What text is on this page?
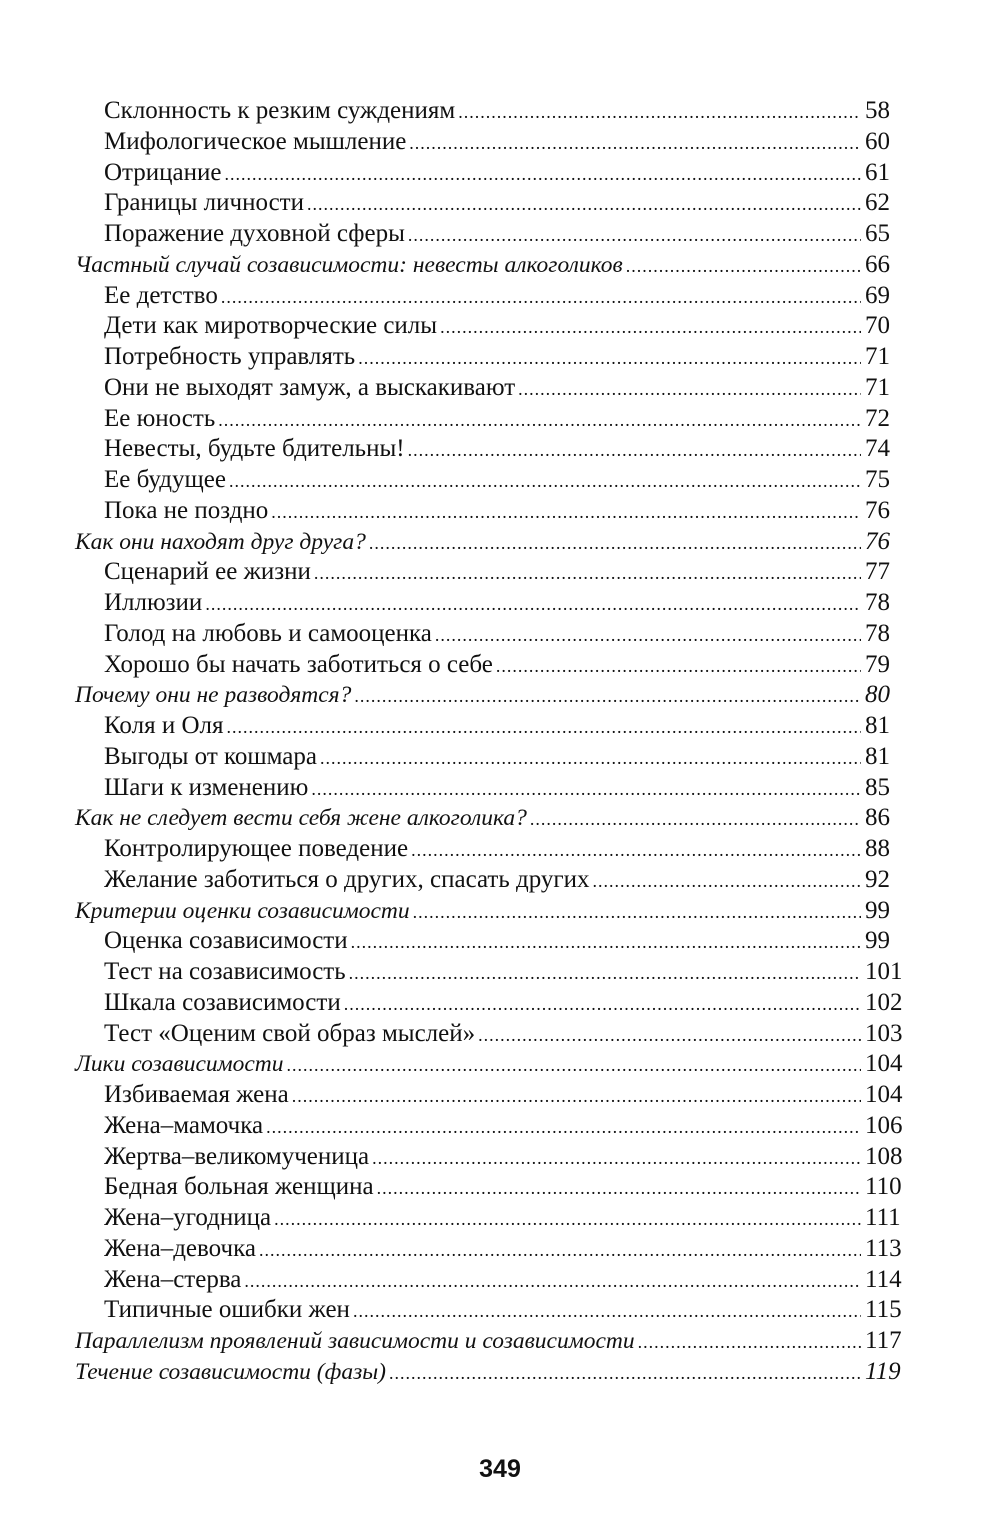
Склонность к резким суждениям .....	58
Мифологическое мышление .....	60
Отрицание .....	61
Границы личности .....	62
Поражение духовной сферы .....	65
Частный случай созависимости: невесты алкоголиков .....	66
Ее детство .....	69
Дети как миротворческие силы .....	70
Потребность управлять .....	71
Они не выходят замуж, а выскакивают .....	71
Ее юность .....	72
Невесты, будьте бдительны! .....	74
Ее будущее .....	75
Пока не поздно .....	76
Как они находят друг друга? .....	76
Сценарий ее жизни .....	77
Иллюзии .....	78
Голод на любовь и самооценка .....	78
Хорошо бы начать заботиться о себе .....	79
Почему они не разводятся? .....	80
Коля и Оля .....	81
Выгоды от кошмара .....	81
Шаги к изменению .....	85
Как не следует вести себя жене алкоголика? .....	86
Контролирующее поведение .....	88
Желание заботиться о других, спасать других .....	92
Критерии оценки созависимости .....	99
Оценка созависимости .....	99
Тест на созависимость .....	101
Шкала созависимости .....	102
Тест «Оценим свой образ мыслей» .....	103
Лики созависимости .....	104
Избиваемая жена .....	104
Жена–мамочка .....	106
Жертва–великомученица .....	108
Бедная больная женщина .....	110
Жена–угодница .....	111
Жена–девочка .....	113
Жена–стерва .....	114
Типичные ошибки жен .....	115
Параллелизм проявлений зависимости и созависимости .....	117
Течение созависимости (фазы) .....	119
349
